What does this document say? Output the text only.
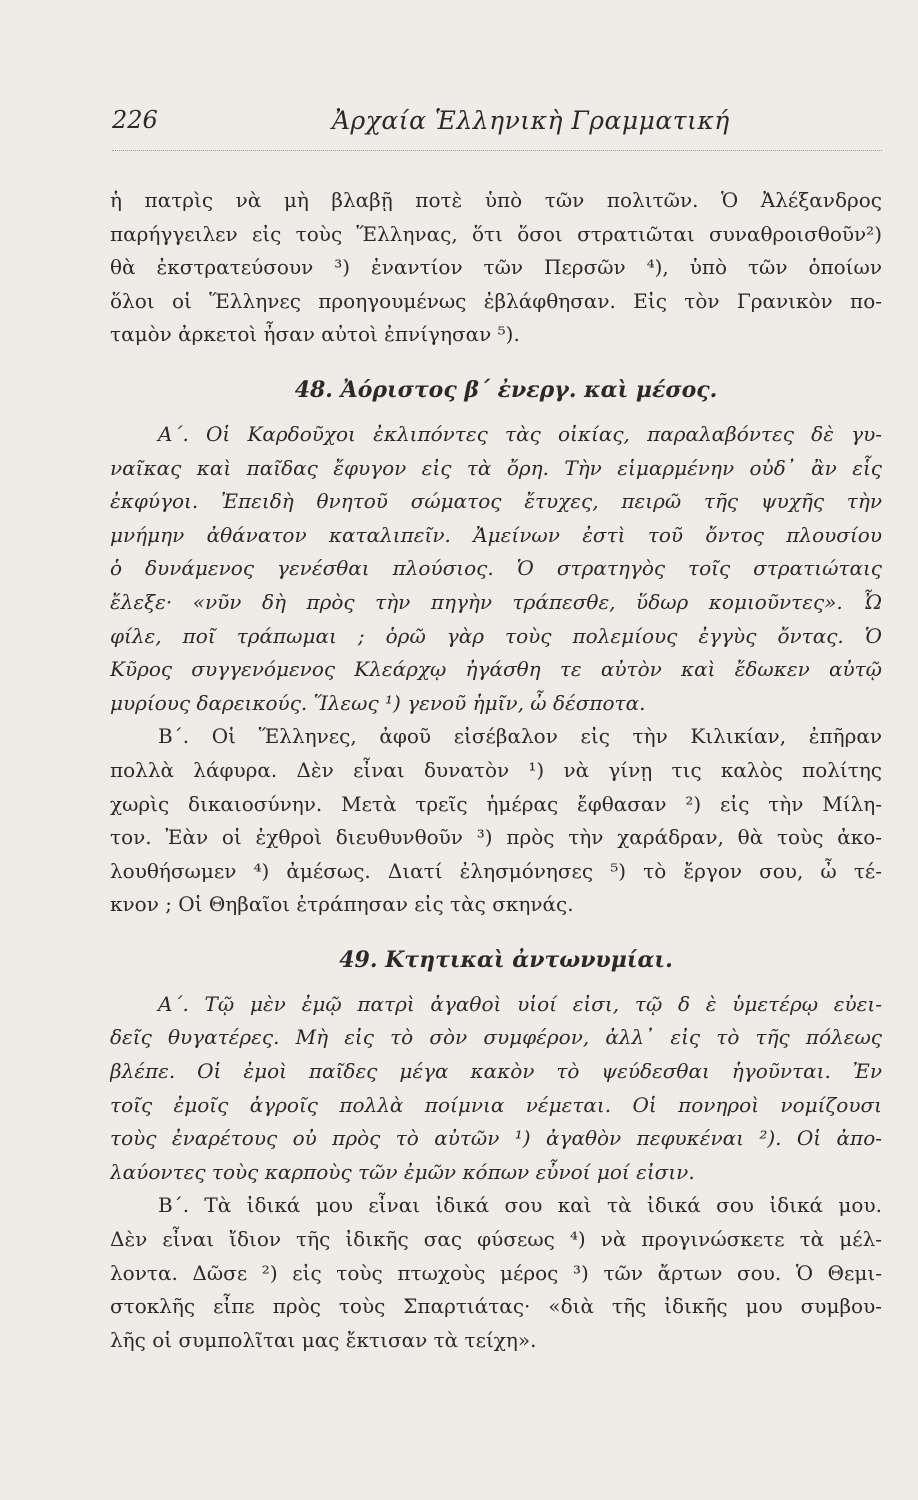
226	Ἀρχαία Ἑλληνικὴ Γραμματική
ἡ πατρὶς νὰ μὴ βλαβῇ ποτὲ ὑπὸ τῶν πολιτῶν. Ὁ Ἀλέξανδρος
παρήγγειλεν εἰς τοὺς Ἕλληνας, ὅτι ὅσοι στρατιῶται συναθροισθοῦν²)
θὰ ἐκστρατεύσουν ³) ἐναντίον τῶν Περσῶν ⁴), ὑπὸ τῶν ὁποίων
ὅλοι οἱ Ἕλληνες προηγουμένως ἐβλάφθησαν. Εἰς τὸν Γρανικὸν πο-
ταμὸν ἀρκετοὶ ἦσαν αὐτοὶ ἐπνίγησαν ⁵).
48. Ἀόριστος β΄ ἐνεργ. καὶ μέσος.
Α΄. Οἱ Καρδοῦχοι ἐκλιπόντες τὰς οἰκίας, παραλαβόντες δὲ γυ-
ναῖκας καὶ παῖδας ἔφυγον εἰς τὰ ὄρη. Τὴν εἱμαρμένην οὐδ᾽ ἂν εἷς
ἐκφύγοι. Ἐπειδὴ θνητοῦ σώματος ἔτυχες, πειρῶ τῆς ψυχῆς τὴν
μνήμην ἀθάνατον καταλιπεῖν. Ἀμείνων ἐστὶ τοῦ ὄντος πλουσίου
ὁ δυνάμενος γενέσθαι πλούσιος. Ὁ στρατηγὸς τοῖς στρατιώταις
ἔλεξε· «νῦν δὴ πρὸς τὴν πηγὴν τράπεσθε, ὕδωρ κομιοῦντες». Ὦ
φίλε, ποῖ τράπωμαι ; ὁρῶ γὰρ τοὺς πολεμίους ἐγγὺς ὄντας. Ὁ
Κῦρος συγγενόμενος Κλεάρχῳ ἠγάσθη τε αὐτὸν καὶ ἔδωκεν αὐτῷ
μυρίους δαρεικούς. Ἵλεως ¹) γενοῦ ἡμῖν, ὦ δέσποτα.
Β΄. Οἱ Ἕλληνες, ἀφοῦ εἰσέβαλον εἰς τὴν Κιλικίαν, ἐπῆραν
πολλὰ λάφυρα. Δὲν εἶναι δυνατὸν ¹) νὰ γίνῃ τις καλὸς πολίτης
χωρὶς δικαιοσύνην. Μετὰ τρεῖς ἡμέρας ἔφθασαν ²) εἰς τὴν Μίλη-
τον. Ἐὰν οἱ ἐχθροὶ διευθυνθοῦν ³) πρὸς τὴν χαράδραν, θὰ τοὺς ἀκο-
λουθήσωμεν ⁴) ἀμέσως. Διατί ἐλησμόνησες ⁵) τὸ ἔργον σου, ὦ τέ-
κνον ; Οἱ Θηβαῖοι ἐτράπησαν εἰς τὰς σκηνάς.
49. Κτητικαὶ ἀντωνυμίαι.
Α΄. Τῷ μὲν ἐμῷ πατρὶ ἀγαθοὶ υἱοί εἰσι, τῷ δ ὲ ὑμετέρῳ εὐει-
δεῖς θυγατέρες. Μὴ εἰς τὸ σὸν συμφέρον, ἀλλ᾽ εἰς τὸ τῆς πόλεως
βλέπε. Οἱ ἐμοὶ παῖδες μέγα κακὸν τὸ ψεύδεσθαι ἡγοῦνται. Ἐν
τοῖς ἐμοῖς ἀγροῖς πολλὰ ποίμνια νέμεται. Οἱ πονηροὶ νομίζουσι
τοὺς ἐναρέτους οὐ πρὸς τὸ αὐτῶν ¹) ἀγαθὸν πεφυκέναι ²). Οἱ ἀπο-
λαύοντες τοὺς καρποὺς τῶν ἐμῶν κόπων εὖνοί μοί εἰσιν.
Β΄. Τὰ ἰδικά μου εἶναι ἰδικά σου καὶ τὰ ἰδικά σου ἰδικά μου.
Δὲν εἶναι ἴδιον τῆς ἰδικῆς σας φύσεως ⁴) νὰ προγινώσκετε τὰ μέλ-
λοντα. Δῶσε ²) εἰς τοὺς πτωχοὺς μέρος ³) τῶν ἄρτων σου. Ὁ Θεμι-
στοκλῆς εἶπε πρὸς τοὺς Σπαρτιάτας· «διὰ τῆς ἰδικῆς μου συμβου-
λῆς οἱ συμπολῖται μας ἔκτισαν τὰ τείχη».
